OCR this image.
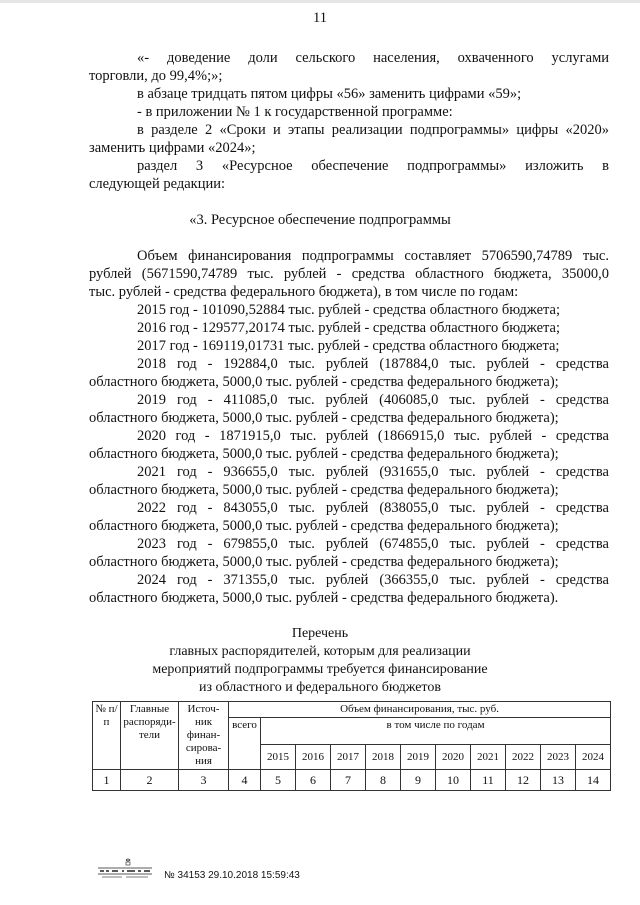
11
«- доведение доли сельского населения, охваченного услугами
торговли, до 99,4%;»;
в абзаце тридцать пятом цифры «56» заменить цифрами «59»;
- в приложении № 1 к государственной программе:
в разделе 2 «Сроки и этапы реализации подпрограммы» цифры «2020»
заменить цифрами «2024»;
раздел 3 «Ресурсное обеспечение подпрограммы» изложить в
следующей редакции:
«3. Ресурсное обеспечение подпрограммы
Объем финансирования подпрограммы составляет 5706590,74789 тыс.
рублей (5671590,74789 тыс. рублей - средства областного бюджета, 35000,0
тыс. рублей - средства федерального бюджета), в том числе по годам:
2015 год - 101090,52884 тыс. рублей - средства областного бюджета;
2016 год - 129577,20174 тыс. рублей - средства областного бюджета;
2017 год - 169119,01731 тыс. рублей - средства областного бюджета;
2018 год - 192884,0 тыс. рублей (187884,0 тыс. рублей - средства
областного бюджета, 5000,0 тыс. рублей - средства федерального бюджета);
2019 год - 411085,0 тыс. рублей (406085,0 тыс. рублей - средства
областного бюджета, 5000,0 тыс. рублей - средства федерального бюджета);
2020 год - 1871915,0 тыс. рублей (1866915,0 тыс. рублей - средства
областного бюджета, 5000,0 тыс. рублей - средства федерального бюджета);
2021 год - 936655,0 тыс. рублей (931655,0 тыс. рублей - средства
областного бюджета, 5000,0 тыс. рублей - средства федерального бюджета);
2022 год - 843055,0 тыс. рублей (838055,0 тыс. рублей - средства
областного бюджета, 5000,0 тыс. рублей - средства федерального бюджета);
2023 год - 679855,0 тыс. рублей (674855,0 тыс. рублей - средства
областного бюджета, 5000,0 тыс. рублей - средства федерального бюджета);
2024 год - 371355,0 тыс. рублей (366355,0 тыс. рублей - средства
областного бюджета, 5000,0 тыс. рублей - средства федерального бюджета).
Перечень
главных распорядителей, которым для реализации
мероприятий подпрограммы требуется финансирование
из областного и федерального бюджетов
№ п/п	Главные распоряди-тели	Источ-ник финан-сирова-ния	Объем финансирования, тыс. руб.										
			всего	в том числе по годам									
				2015	2016	2017	2018	2019	2020	2021	2022	2023	2024
1	2	3	4	5	6	7	8	9	10	11	12	13	14
№ 34153 29.10.2018 15:59:43
